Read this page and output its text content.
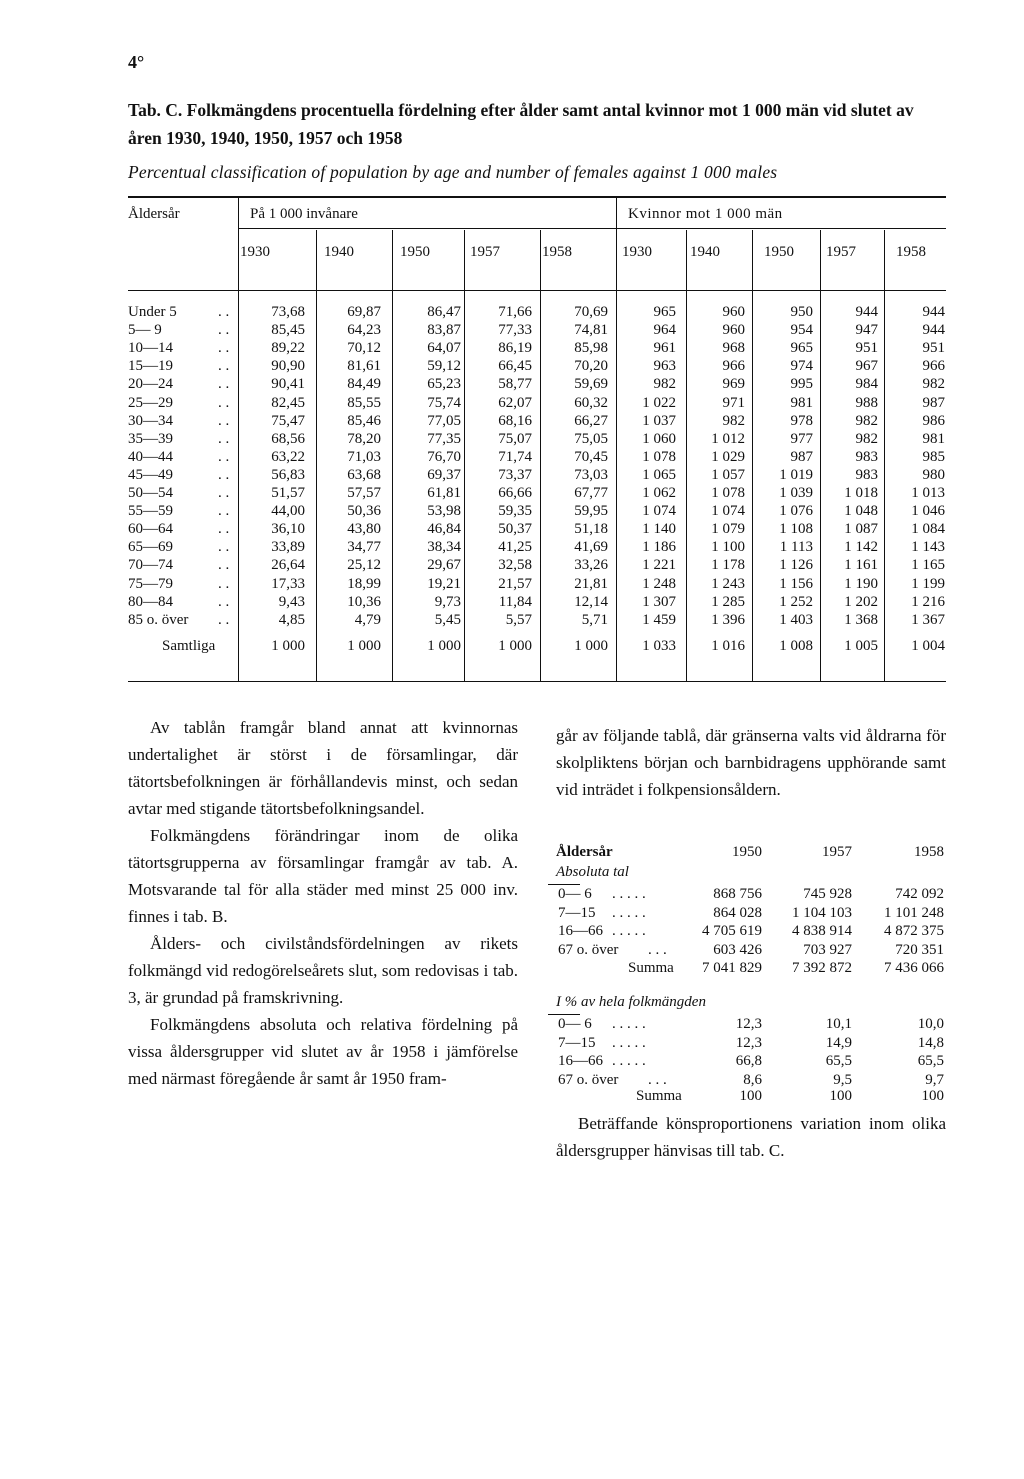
4°
Tab. C. Folkmängdens procentuella fördelning efter ålder samt antal kvinnor mot 1 000 män vid slutet av åren 1930, 1940, 1950, 1957 och 1958
Percentual classification of population by age and number of females against 1 000 males
Åldersår	På 1 000 invånare	Kvinnor mot 1 000 män
1930	1940	1950	1957	1958	1930	1940	1950 1957	1958
Under 5	. .	73,68	69,87	86,47	71,66	70,69	965	960	950	944	944
5— 9	. .	85,45	64,23	83,87	77,33	74,81	964	960	954	947	944
10—14	. .	89,22	70,12	64,07	86,19	85,98	961	968	965	951	951
15—19	. .	90,90	81,61	59,12	66,45	70,20	963	966	974	967	966
20—24	. .	90,41	84,49	65,23	58,77	59,69	982	969	995	984	982
25—29	. .	82,45	85,55	75,74	62,07	60,32	1 022	971	981	988	987
30—34	. .	75,47	85,46	77,05	68,16	66,27	1 037	982	978	982	986
35—39	. .	68,56	78,20	77,35	75,07	75,05	1 060	1 012	977	982	981
40—44	. .	63,22	71,03	76,70	71,74	70,45	1 078	1 029	987	983	985
45—49	. .	56,83	63,68	69,37	73,37	73,03	1 065	1 057	1 019	983	980
50—54	. .	51,57	57,57	61,81	66,66	67,77	1 062	1 078	1 039	1 018	1 013
55—59	. .	44,00	50,36	53,98	59,35	59,95	1 074	1 074	1 076	1 048	1 046
60—64	. .	36,10	43,80	46,84	50,37	51,18	1 140	1 079	1 108	1 087	1 084
65—69	. .	33,89	34,77	38,34	41,25	41,69	1 186	1 100	1 113	1 142	1 143
70—74	. .	26,64	25,12	29,67	32,58	33,26	1 221	1 178	1 126	1 161	1 165
75—79	. .	17,33	18,99	19,21	21,57	21,81	1 248	1 243	1 156	1 190	1 199
80—84	. .	9,43	10,36	9,73	11,84	12,14	1 307	1 285	1 252	1 202	1 216
85 o. över . .	4,85	4,79	5,45	5,57	5,71	1 459	1 396	1 403	1 368	1 367
Samtliga	1 000	1 000	1 000	1 000	1 000	1 033	1 016	1 008	1 005	1 004

Av tablån framgår bland annat att kvinnornas undertalighet är störst i de församlingar, där tätortsbefolkningen är förhållandevis minst, och sedan avtar med stigande tätortsbefolkningsandel.

Folkmängdens förändringar inom de olika tätortsgrupperna av församlingar framgår av tab. A. Motsvarande tal för alla städer med minst 25 000 inv. finnes i tab. B.

Ålders- och civilståndsfördelningen av rikets folkmängd vid redogörelseårets slut, som redovisas i tab. 3, är grundad på framskrivning.

Folkmängdens absoluta och relativa fördelning på vissa åldersgrupper vid slutet av år 1958 i jämförelse med närmast föregående år samt år 1950 fram-

går av följande tablå, där gränserna valts vid åldrarna för skolpliktens början och barnbidragens upphörande samt vid inträdet i folkpensionsåldern.
Åldersår	1950	1957	1958
Absoluta tal
0— 6 . . . . .	868 756	745 928	742 092
7—15 . . . . .	864 028	1 104 103	1 101 248
16—66 . . . . .	4 705 619	4 838 914	4 872 375
67 o. över . . .	603 426	703 927	720 351
Summa	7 041 829	7 392 872	7 436 066
I % av hela folkmängden
0— 6 . . . . .	12,3	10,1	10,0
7—15 . . . . .	12,3	14,9	14,8
16—66 . . . . .	66,8	65,5	65,5
67 o. över . . .	8,6	9,5	9,7
Summa	100	100	100
Beträffande könsproportionens variation inom olika åldersgrupper hänvisas till tab. C.
